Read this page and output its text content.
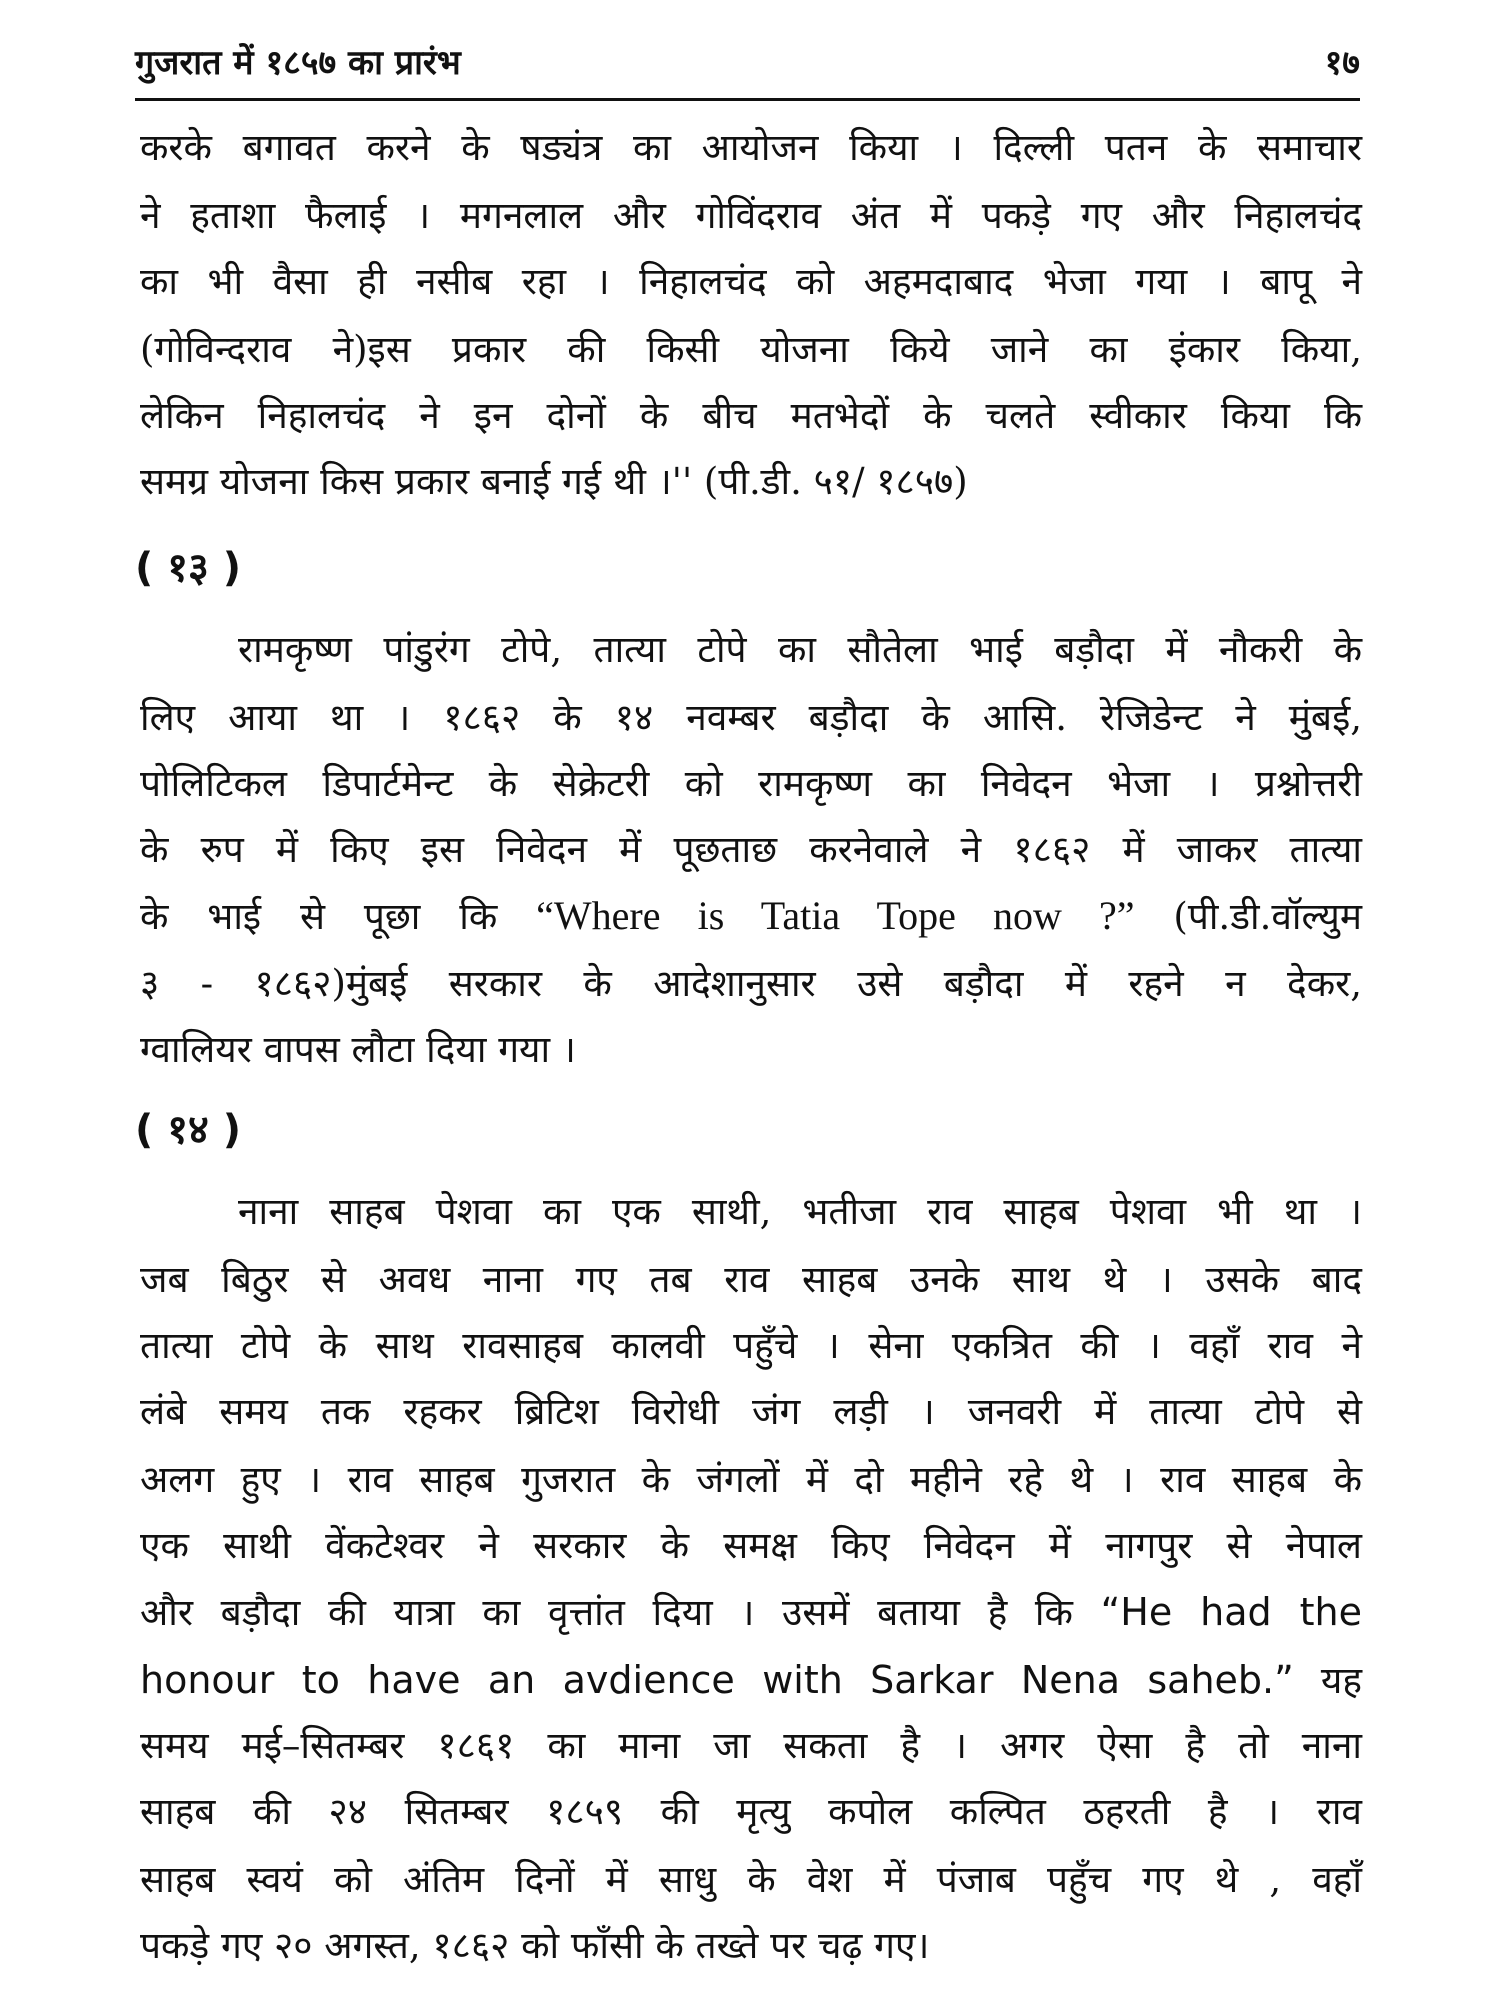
गुजरात में १८५७ का प्रारंभ	१७
करके बगावत करने के षड्यंत्र का आयोजन किया । दिल्ली पतन के समाचार
ने हताशा फैलाई । मगनलाल और गोविंदराव अंत में पकड़े गए और निहालचंद
का भी वैसा ही नसीब रहा । निहालचंद को अहमदाबाद भेजा गया । बापू ने
(गोविन्दराव ने)इस प्रकार की किसी योजना किये जाने का इंकार किया,
लेकिन निहालचंद ने इन दोनों के बीच मतभेदों के चलते स्वीकार किया कि
समग्र योजना किस प्रकार बनाई गई थी ।'' (पी.डी. ५१/ १८५७)
( १३ )
रामकृष्ण पांडुरंग टोपे, तात्या टोपे का सौतेला भाई बड़ौदा में नौकरी के
लिए आया था । १८६२ के १४ नवम्बर बड़ौदा के आसि. रेजिडेन्ट ने मुंबई,
पोलिटिकल डिपार्टमेन्ट के सेक्रेटरी को रामकृष्ण का निवेदन भेजा । प्रश्नोत्तरी
के रुप में किए इस निवेदन में पूछताछ करनेवाले ने १८६२ में जाकर तात्या
के भाई से पूछा कि “Where is Tatia Tope now ?” (पी.डी.वॉल्युम
३ - १८६२)मुंबई सरकार के आदेशानुसार उसे बड़ौदा में रहने न देकर,
ग्वालियर वापस लौटा दिया गया ।
( १४ )
नाना साहब पेशवा का एक साथी, भतीजा राव साहब पेशवा भी था ।
जब बिठुर से अवध नाना गए तब राव साहब उनके साथ थे । उसके बाद
तात्या टोपे के साथ रावसाहब कालवी पहुँचे । सेना एकत्रित की । वहाँ राव ने
लंबे समय तक रहकर ब्रिटिश विरोधी जंग लड़ी । जनवरी में तात्या टोपे से
अलग हुए । राव साहब गुजरात के जंगलों में दो महीने रहे थे । राव साहब के
एक साथी वेंकटेश्वर ने सरकार के समक्ष किए निवेदन में नागपुर से नेपाल
और बड़ौदा की यात्रा का वृत्तांत दिया । उसमें बताया है कि “He had the
honour to have an avdience with Sarkar Nena saheb.” यह
समय मई–सितम्बर १८६१ का माना जा सकता है । अगर ऐसा है तो नाना
साहब की २४ सितम्बर १८५९ की मृत्यु कपोल कल्पित ठहरती है । राव
साहब स्वयं को अंतिम दिनों में साधु के वेश में पंजाब पहुँच गए थे , वहाँ
पकड़े गए २० अगस्त, १८६२ को फाँसी के तख्ते पर चढ़ गए।
